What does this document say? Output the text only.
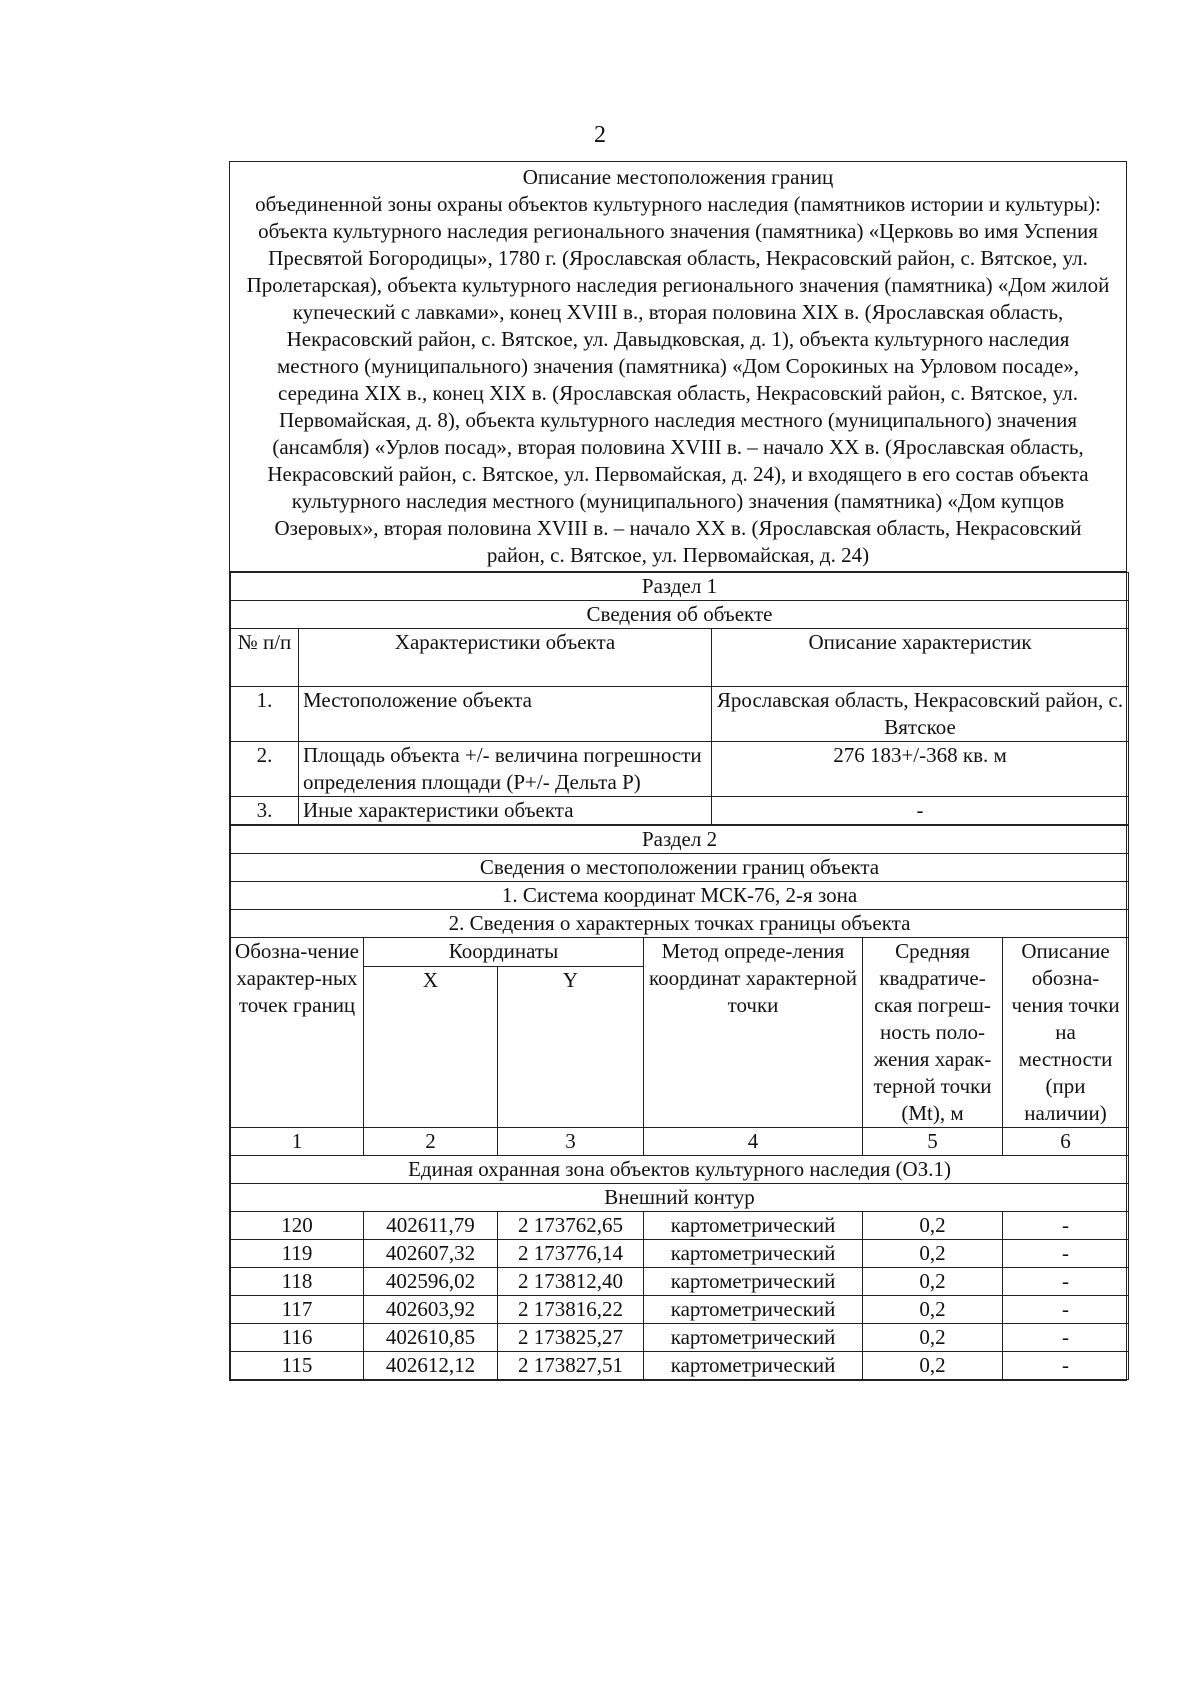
2

Описание местоположения границ

объединенной зоны охраны объектов культурного наследия (памятников истории и культуры): объекта культурного наследия регионального значения (памятника) «Церковь во имя Успения Пресвятой Богородицы», 1780 г. (Ярославская область, Некрасовский район, с. Вятское, ул. Пролетарская), объекта культурного наследия регионального значения (памятника) «Дом жилой купеческий с лавками», конец XVIII в., вторая половина XIX в. (Ярославская область, Некрасовский район, с. Вятское, ул. Давыдковская, д. 1), объекта культурного наследия местного (муниципального) значения (памятника) «Дом Сорокиных на Урловом посаде», середина XIX в., конец XIX в. (Ярославская область, Некрасовский район, с. Вятское, ул. Первомайская, д. 8), объекта культурного наследия местного (муниципального) значения (ансамбля) «Урлов посад», вторая половина XVIII в. – начало XX в. (Ярославская область, Некрасовский район, с. Вятское, ул. Первомайская, д. 24), и входящего в его состав объекта культурного наследия местного (муниципального) значения (памятника) «Дом купцов Озеровых», вторая половина XVIII в. – начало XX в. (Ярославская область, Некрасовский район, с. Вятское, ул. Первомайская, д. 24)

Раздел 1		
Сведения об объекте		
№ п/п	Характеристики объекта	Описание характеристик
1.	Местоположение объекта	Ярославская область, Некрасовский район, с. Вятское
2.	Площадь объекта +/- величина погрешности определения площади (P+/- Дельта P)	276 183+/-368 кв. м
3.	Иные характеристики объекта	-
Раздел 2					
Сведения о местоположении границ объекта					
1. Система координат МСК-76, 2-я зона					
2. Сведения о характерных точках границы объекта					
Обозна-чение характер-ных точек границ	Координаты		Метод опреде-ления координат характерной точки	Средняя квадратиче-ская погреш-ность поло-жения харак-терной точки (Mt), м	Описание обозна-чения точки на местности (при наличии)
	X	Y			
1	2	3	4	5	6
Единая охранная зона объектов культурного наследия (ОЗ.1)					
Внешний контур					
120	402611,79	2 173762,65	картометрический	0,2	-
119	402607,32	2 173776,14	картометрический	0,2	-
118	402596,02	2 173812,40	картометрический	0,2	-
117	402603,92	2 173816,22	картометрический	0,2	-
116	402610,85	2 173825,27	картометрический	0,2	-
115	402612,12	2 173827,51	картометрический	0,2	-
